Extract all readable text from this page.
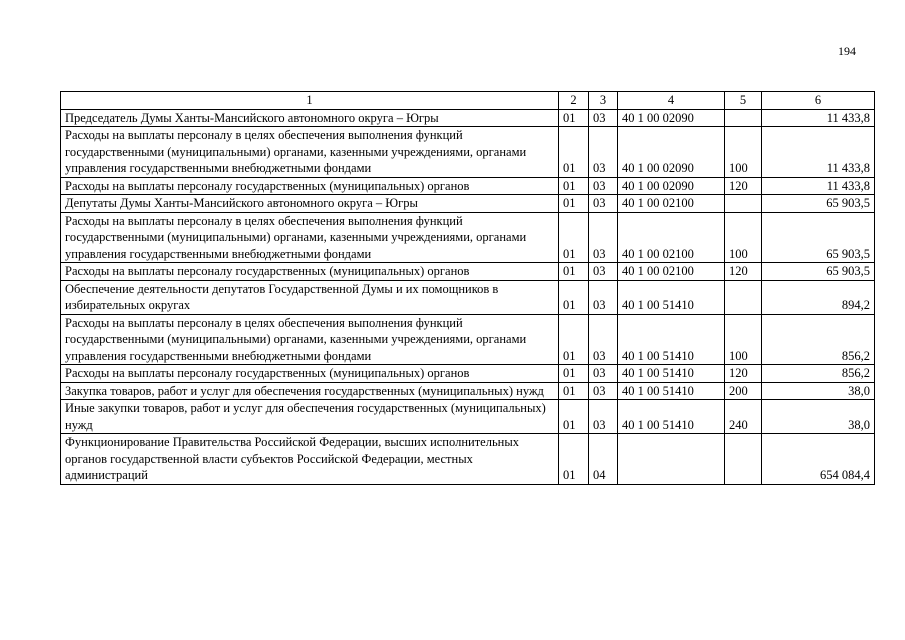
194
1	2	3	4	5	6
Председатель Думы Ханты-Мансийского автономного округа – Югры	01	03	40 1 00 02090		11 433,8
Расходы на выплаты персоналу в целях обеспечения выполнения функций государственными (муниципальными) органами, казенными учреждениями, органами управления государственными внебюджетными фондами	01	03	40 1 00 02090	100	11 433,8
Расходы на выплаты персоналу государственных (муниципальных) органов	01	03	40 1 00 02090	120	11 433,8
Депутаты Думы Ханты-Мансийского автономного округа – Югры	01	03	40 1 00 02100		65 903,5
Расходы на выплаты персоналу в целях обеспечения выполнения функций государственными (муниципальными) органами, казенными учреждениями, органами управления государственными внебюджетными фондами	01	03	40 1 00 02100	100	65 903,5
Расходы на выплаты персоналу государственных (муниципальных) органов	01	03	40 1 00 02100	120	65 903,5
Обеспечение деятельности депутатов Государственной Думы и их помощников в избирательных округах	01	03	40 1 00 51410		894,2
Расходы на выплаты персоналу в целях обеспечения выполнения функций государственными (муниципальными) органами, казенными учреждениями, органами управления государственными внебюджетными фондами	01	03	40 1 00 51410	100	856,2
Расходы на выплаты персоналу государственных (муниципальных) органов	01	03	40 1 00 51410	120	856,2
Закупка товаров, работ и услуг для обеспечения государственных (муниципальных) нужд	01	03	40 1 00 51410	200	38,0
Иные закупки товаров, работ и услуг для обеспечения государственных (муниципальных) нужд	01	03	40 1 00 51410	240	38,0
Функционирование Правительства Российской Федерации, высших исполнительных органов государственной власти субъектов Российской Федерации, местных администраций	01	04			654 084,4
